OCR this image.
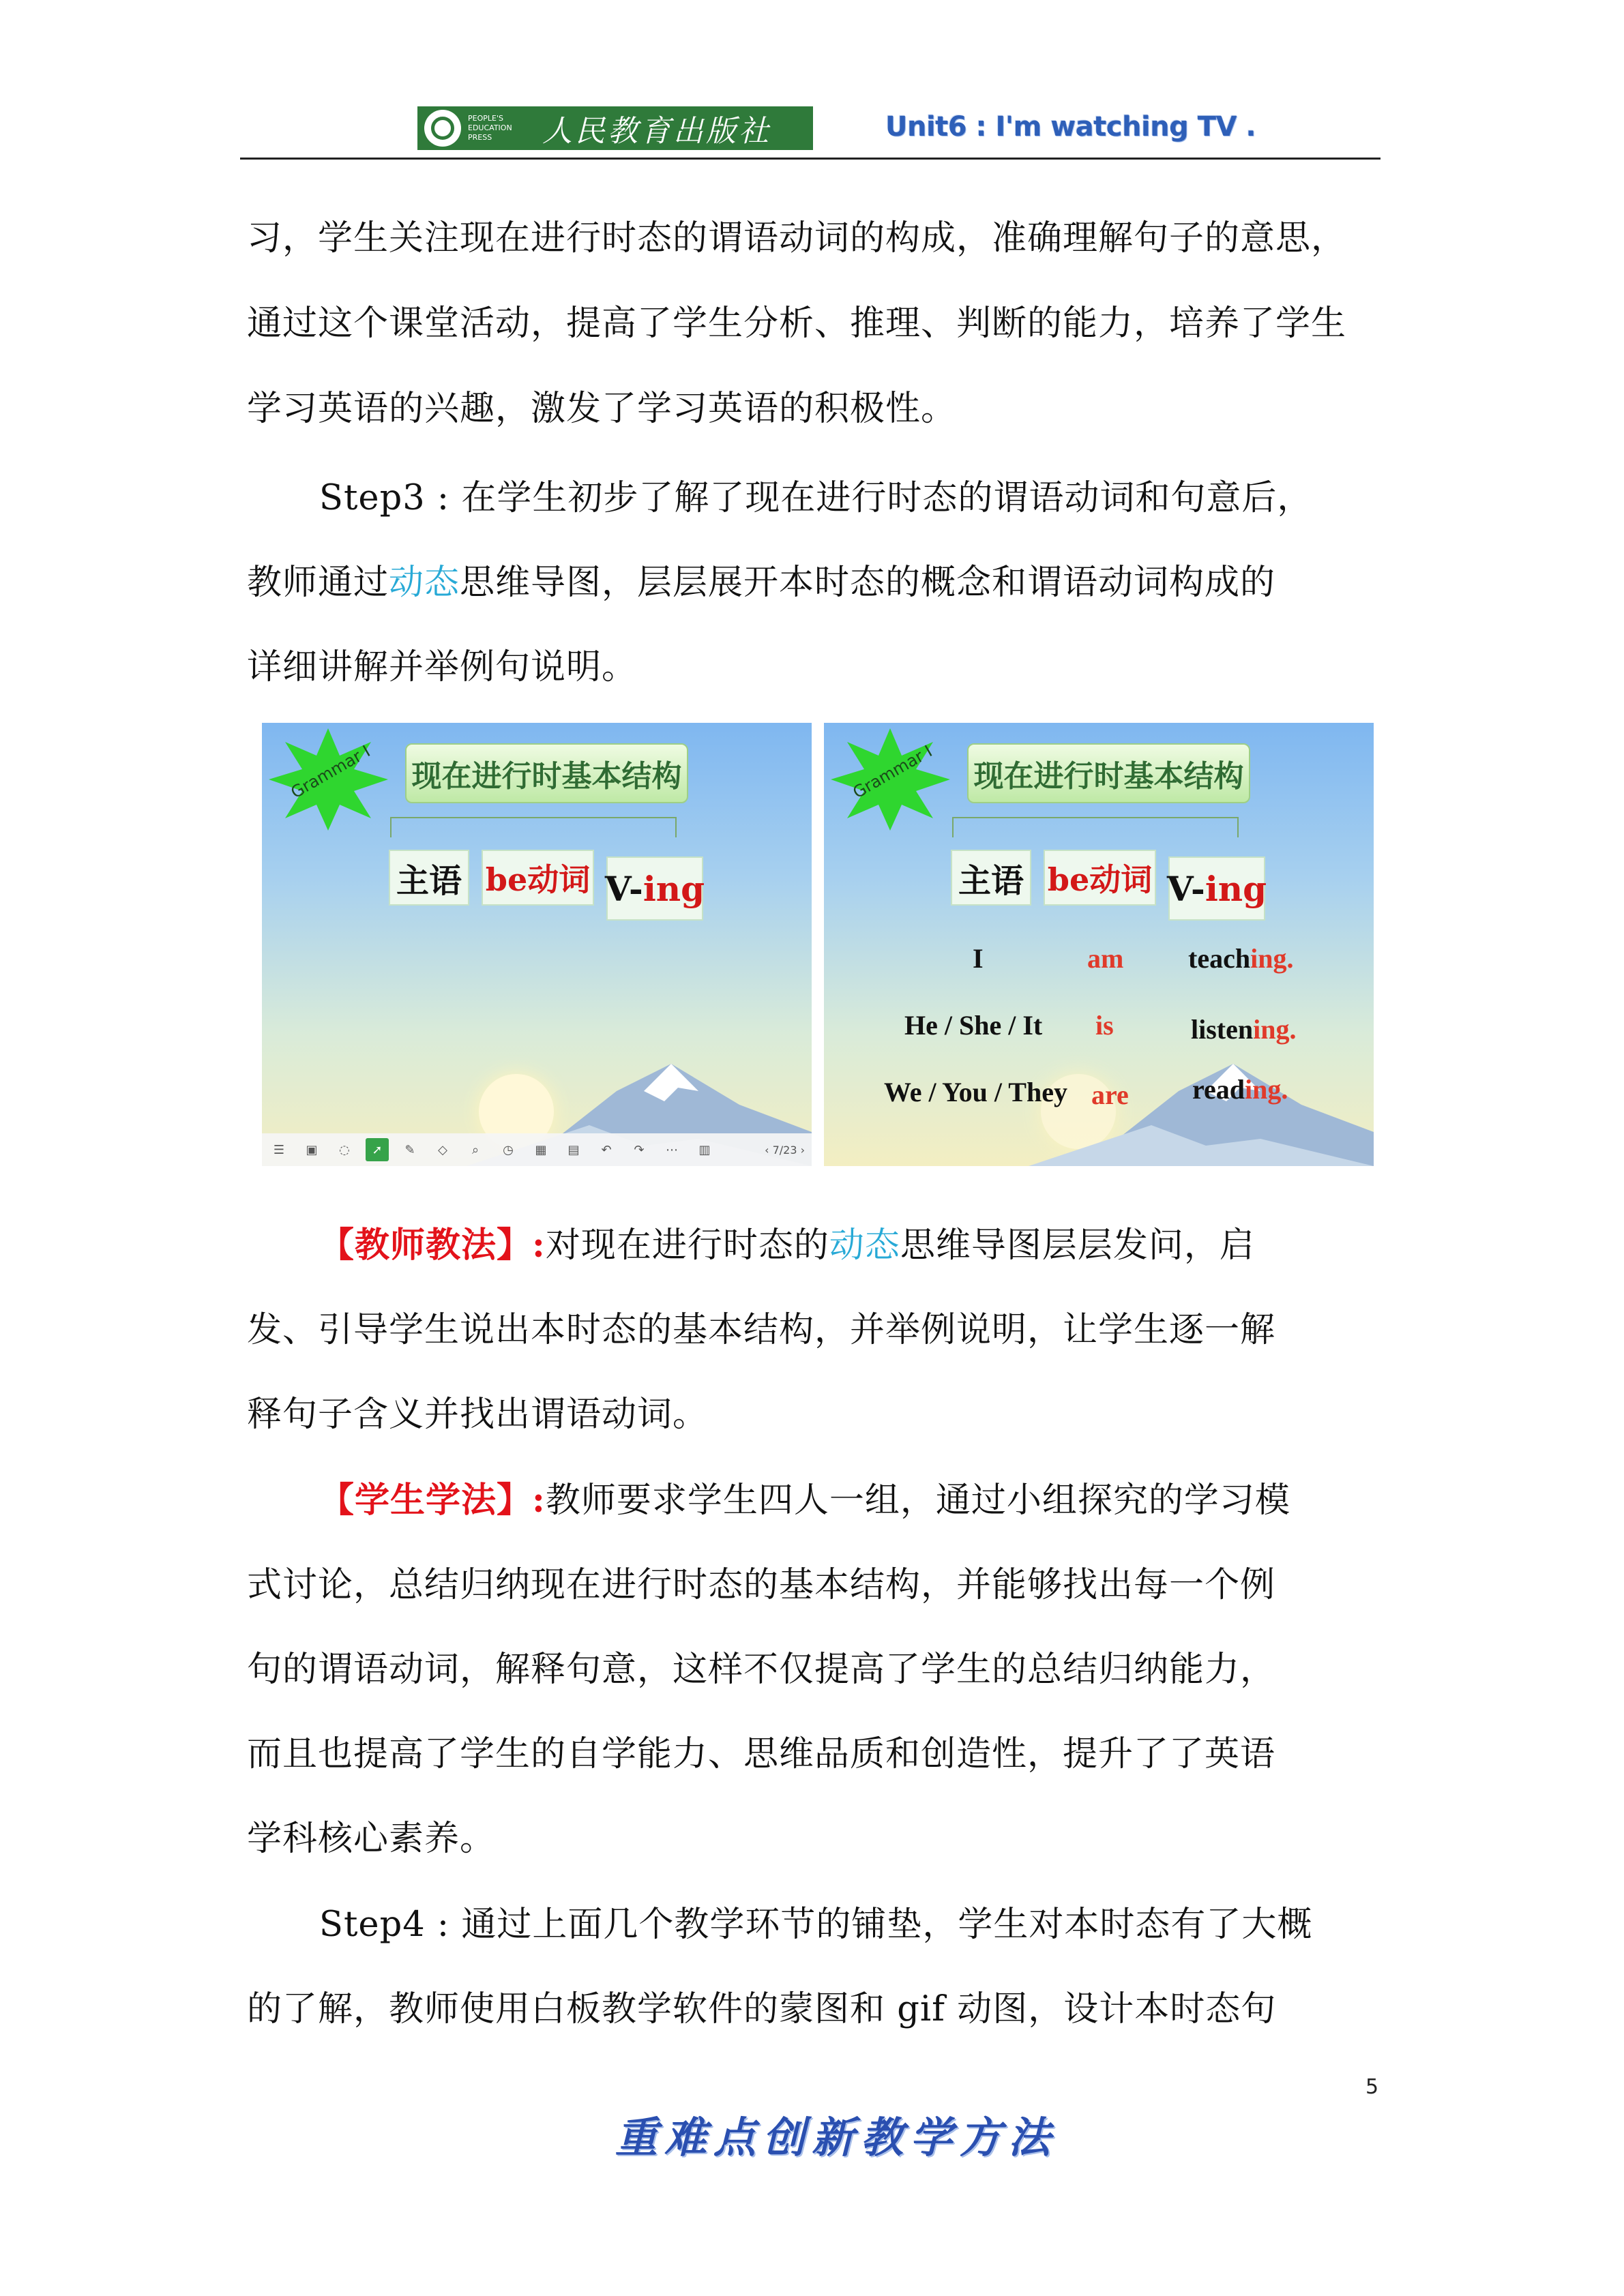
PEOPLE'S EDUCATION PRESS	人民教育出版社	Unit6 : I'm watching TV .
习，学生关注现在进行时态的谓语动词的构成，准确理解句子的意思，通过这个课堂活动，提高了学生分析、推理、判断的能力，培养了学生学习英语的兴趣，激发了学习英语的积极性。
Step3 : 在学生初步了解了现在进行时态的谓语动词和句意后，
教师通过动态思维导图，层层展开本时态的概念和谓语动词构成的
详细讲解并举例句说明。
Grammar I 现在进行时基本结构
主语 be动词 V- ing
☰	▣	◌	➚	✎	◇	⌕	◷	▦	▤	↶	↷	⋯	▥	‹ 7/23 ›
Grammar I 现在进行时基本结构
主语 be动词 V- ing
I	am teaching.
He / She / It is	listening.
We / You / They are reading.
【教师教法】:对现在进行时态的动态思维导图层层发问，启
发、引导学生说出本时态的基本结构，并举例说明，让学生逐一解
释句子含义并找出谓语动词。
【学生学法】:教师要求学生四人一组，通过小组探究的学习模
式讨论，总结归纳现在进行时态的基本结构，并能够找出每一个例
句的谓语动词，解释句意，这样不仅提高了学生的总结归纳能力，
而且也提高了学生的自学能力、思维品质和创造性，提升了了英语
学科核心素养。
Step4 : 通过上面几个教学环节的铺垫，学生对本时态有了大概
的了解，教师使用白板教学软件的蒙图和 gif 动图，设计本时态句
5
重难点创新教学方法
